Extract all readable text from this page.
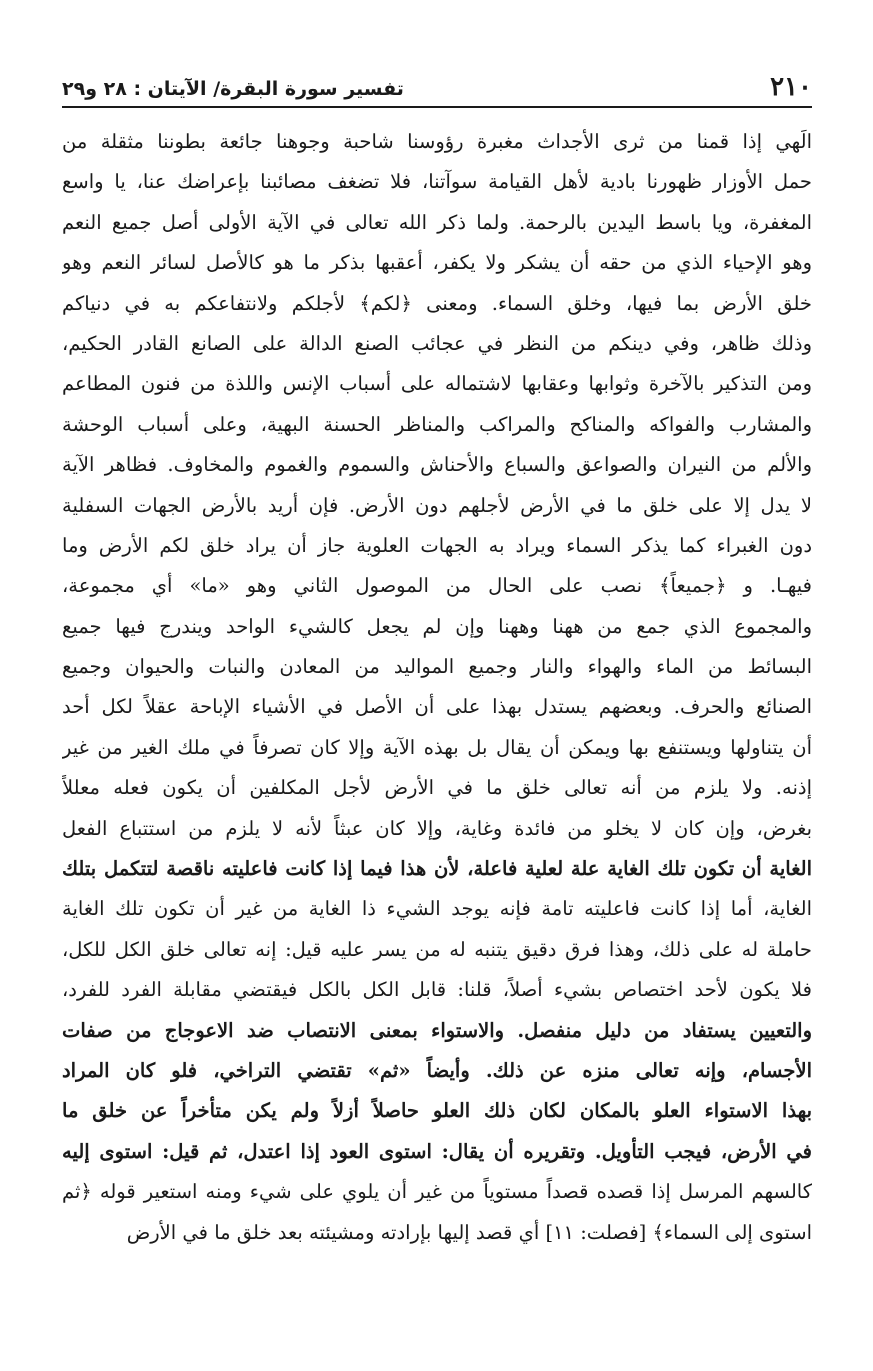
٢١٠
تفسير سورة البقرة/ الآيتان : ٢٨ و٢٩
الَهي إذا قمنا من ثرى الأجداث مغبرة رؤوسنا شاحبة وجوهنا جائعة بطوننا مثقلة من
حمل الأوزار ظهورنا بادية لأهل القيامة سوآتنا، فلا تضغف مصائبنا بإعراضك عنا، يا واسع
المغفرة، ويا باسط اليدين بالرحمة. ولما ذكر الله تعالى في الآية الأولى أصل جميع النعم
وهو الإحياء الذي من حقه أن يشكر ولا يكفر، أعقبها بذكر ما هو كالأصل لسائر النعم وهو
خلق الأرض بما فيها، وخلق السماء. ومعنى ﴿لكم﴾ لأجلكم ولانتفاعكم به في دنياكم
وذلك ظاهر، وفي دينكم من النظر في عجائب الصنع الدالة على الصانع القادر الحكيم،
ومن التذكير بالآخرة وثوابها وعقابها لاشتماله على أسباب الإنس واللذة من فنون المطاعم
والمشارب والفواكه والمناكح والمراكب والمناظر الحسنة البهية، وعلى أسباب الوحشة
والألم من النيران والصواعق والسباع والأحناش والسموم والغموم والمخاوف. فظاهر الآية
لا يدل إلا على خلق ما في الأرض لأجلهم دون الأرض. فإن أريد بالأرض الجهات السفلية
دون الغبراء كما يذكر السماء ويراد به الجهات العلوية جاز أن يراد خلق لكم الأرض وما
فيهـا. و ﴿جميعاً﴾ نصب على الحال من الموصول الثاني وهو «ما» أي مجموعة،
والمجموع الذي جمع من ههنا وههنا وإن لم يجعل كالشيء الواحد ويندرج فيها جميع
البسائط من الماء والهواء والنار وجميع المواليد من المعادن والنبات والحيوان وجميع
الصنائع والحرف. وبعضهم يستدل بهذا على أن الأصل في الأشياء الإباحة عقلاً لكل أحد
أن يتناولها ويستنفع بها ويمكن أن يقال بل بهذه الآية وإلا كان تصرفاً في ملك الغير من غير
إذنه. ولا يلزم من أنه تعالى خلق ما في الأرض لأجل المكلفين أن يكون فعله معللاً
بغرض، وإن كان لا يخلو من فائدة وغاية، وإلا كان عبثاً لأنه لا يلزم من استتباع الفعل
الغاية أن تكون تلك الغاية علة لعلية فاعلة، لأن هذا فيما إذا كانت فاعليته ناقصة لتتكمل بتلك
الغاية، أما إذا كانت فاعليته تامة فإنه يوجد الشيء ذا الغاية من غير أن تكون تلك الغاية
حاملة له على ذلك، وهذا فرق دقيق يتنبه له من يسر عليه قيل: إنه تعالى خلق الكل للكل،
فلا يكون لأحد اختصاص بشيء أصلاً، قلنا: قابل الكل بالكل فيقتضي مقابلة الفرد للفرد،
والتعيين يستفاد من دليل منفصل. والاستواء بمعنى الانتصاب ضد الاعوجاج من صفات
الأجسام، وإنه تعالى منزه عن ذلك. وأيضاً «ثم» تقتضي التراخي، فلو كان المراد
بهذا الاستواء العلو بالمكان لكان ذلك العلو حاصلاً أزلاً ولم يكن متأخراً عن خلق ما
في الأرض، فيجب التأويل. وتقريره أن يقال: استوى العود إذا اعتدل، ثم قيل: استوى إليه
كالسهم المرسل إذا قصده قصداً مستوياً من غير أن يلوي على شيء ومنه استعير قوله ﴿ثم
استوى إلى السماء﴾ [فصلت: ١١] أي قصد إليها بإرادته ومشيئته بعد خلق ما في الأرض
